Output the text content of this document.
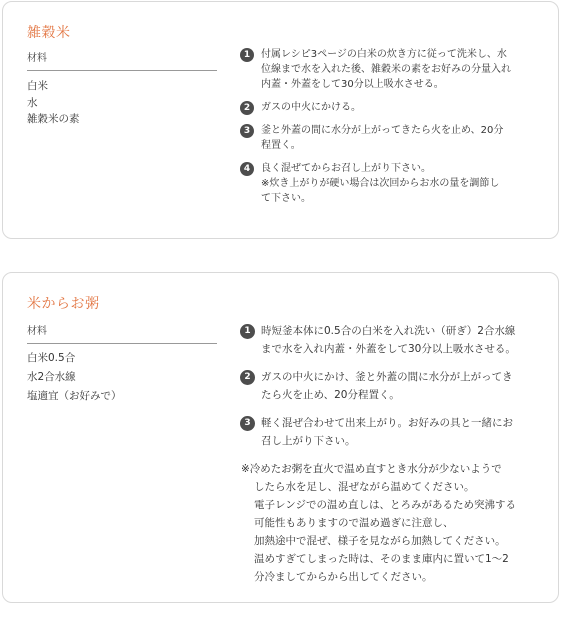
雑穀米
材料
白米
水
雑穀米の素
1	付属レシピ3ページの白米の炊き方に従って洗米し、水
位線まで水を入れた後、雑穀米の素をお好みの分量入れ
内蓋・外蓋をして30分以上吸水させる。
2	ガスの中火にかける。
3	釜と外蓋の間に水分が上がってきたら火を止め、20分
程置く。
4	良く混ぜてからお召し上がり下さい。
※炊き上がりが硬い場合は次回からお水の量を調節し
て下さい。
米からお粥
材料
白米0.5合
水2合水線
塩適宜（お好みで）
1 時短釜本体に0.5合の白米を入れ洗い（研ぎ）2合水線
まで水を入れ内蓋・外蓋をして30分以上吸水させる。
2 ガスの中火にかけ、釜と外蓋の間に水分が上がってき
たら火を止め、20分程置く。
3 軽く混ぜ合わせて出来上がり。お好みの具と一緒にお
召し上がり下さい。
※冷めたお粥を直火で温め直すとき水分が少ないようで
したら水を足し、混ぜながら温めてください。
電子レンジでの温め直しは、とろみがあるため突沸する
可能性もありますので温め過ぎに注意し、
加熱途中で混ぜ、様子を見ながら加熱してください。
温めすぎてしまった時は、そのまま庫内に置いて1～2
分冷ましてからから出してください。
